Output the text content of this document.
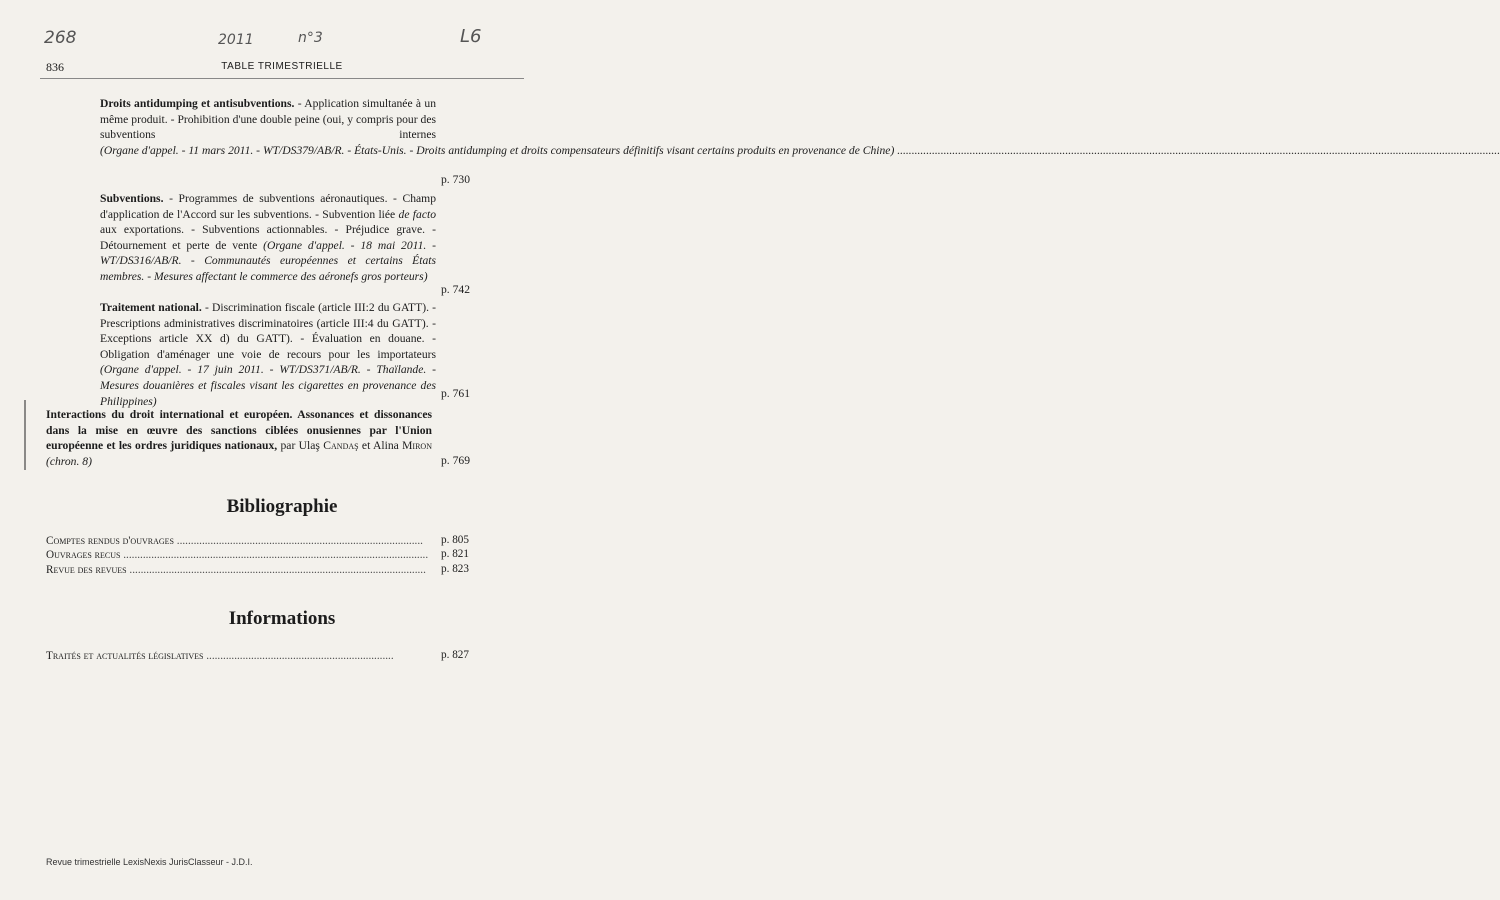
268	2011	n°3	L6
836	TABLE TRIMESTRIELLE
Droits antidumping et antisubventions. - Application simultanée à un même produit. - Prohibition d'une double peine (oui, y compris pour des subventions internes (Organe d'appel. - 11 mars 2011. - WT/DS379/AB/R. - États-Unis. - Droits antidumping et droits compensateurs définitifs visant certains produits en provenance de Chine) .....
p. 730
Subventions. - Programmes de subventions aéronautiques. - Champ d'application de l'Accord sur les subventions. - Subvention liée de facto aux exportations. - Subventions actionnables. - Préjudice grave. - Détournement et perte de vente (Organe d'appel. - 18 mai 2011. - WT/DS316/AB/R. - Communautés européennes et certains États membres. - Mesures affectant le commerce des aéronefs gros porteurs)
p. 742
Traitement national. - Discrimination fiscale (article III:2 du GATT). - Prescriptions administratives discriminatoires (article III:4 du GATT). - Exceptions article XX d) du GATT). - Évaluation en douane. - Obligation d'aménager une voie de recours pour les importateurs (Organe d'appel. - 17 juin 2011. - WT/DS371/AB/R. - Thaïlande. - Mesures douanières et fiscales visant les cigarettes en provenance des Philippines)
p. 761
Interactions du droit international et européen. Assonances et dissonances dans la mise en œuvre des sanctions ciblées onusiennes par l'Union européenne et les ordres juridiques nationaux, par Ulaş Candaş et Alina Miron (chron. 8)	p. 769
Bibliographie
Comptes rendus d'ouvrages ........................................................................................	p. 805
Ouvrages recus .............................................................................................................	p. 821
Revue des revues ..........................................................................................................	p. 823
Informations
Traités et actualités législatives ...................................................................	p. 827
Revue trimestrielle LexisNexis JurisClasseur - J.D.I.
